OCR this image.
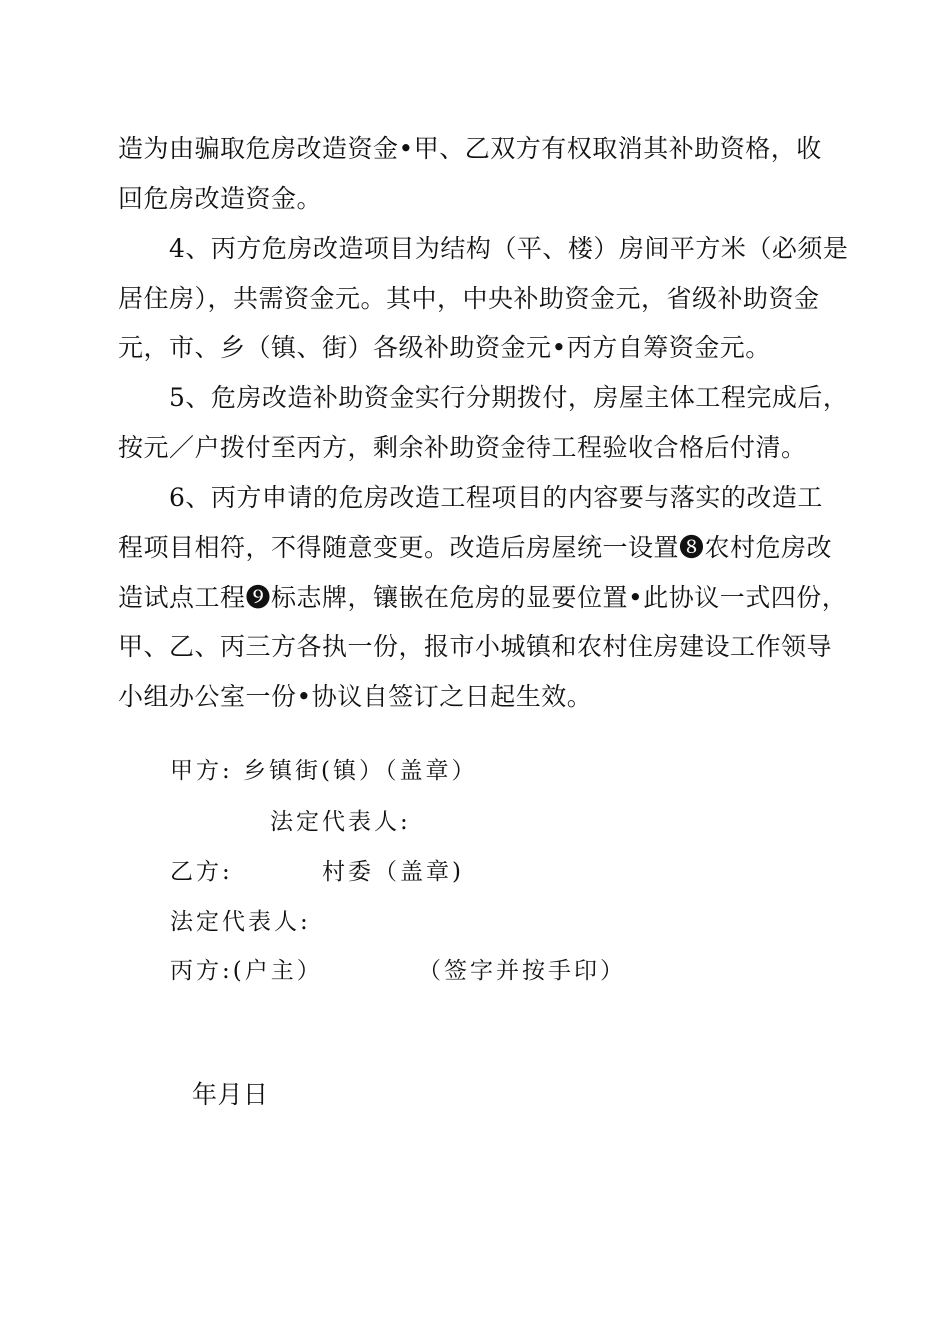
造为由骗取危房改造资金•甲、乙双方有权取消其补助资格，收
回危房改造资金。
　　4、丙方危房改造项目为结构（平、楼）房间平方米（必须是
居住房），共需资金元。其中，中央补助资金元，省级补助资金
元，市、乡（镇、街）各级补助资金元•丙方自筹资金元。
　　5、危房改造补助资金实行分期拨付，房屋主体工程完成后，
按元／户拨付至丙方，剩余补助资金待工程验收合格后付清。
　　6、丙方申请的危房改造工程项目的内容要与落实的改造工
程项目相符，不得随意变更。改造后房屋统一设置❽农村危房改
造试点工程❾标志牌，镶嵌在危房的显要位置•此协议一式四份，
甲、乙、丙三方各执一份，报市小城镇和农村住房建设工作领导
小组办公室一份•协议自签订之日起生效。
甲方: 乡镇街(镇）（盖章）
法定代表人:
乙方:	村委（盖章)
法定代表人:
丙方:(户主）	（签字并按手印）
年月日
